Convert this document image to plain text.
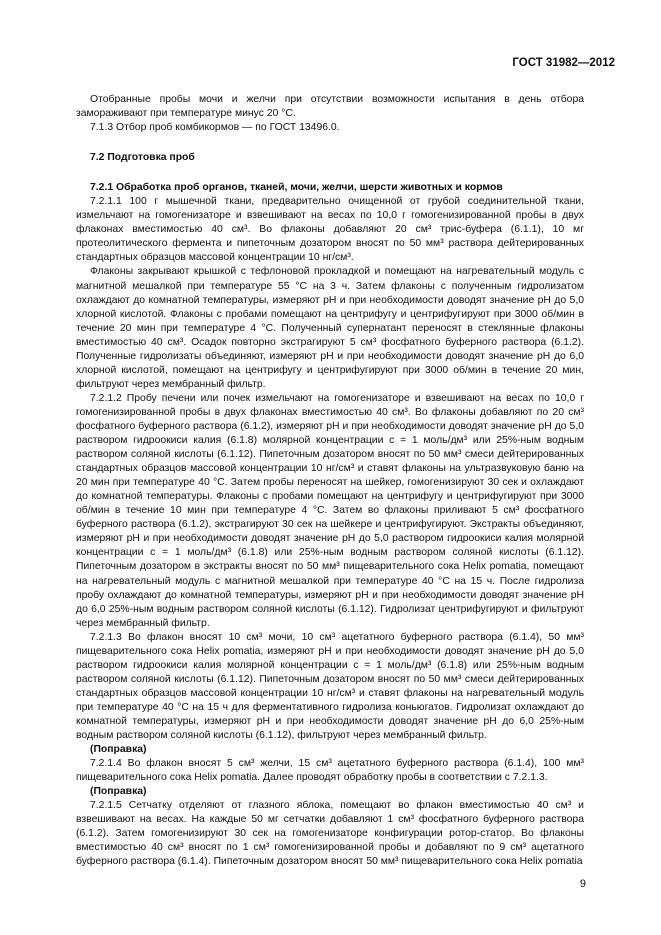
ГОСТ 31982—2012

Отобранные пробы мочи и желчи при отсутствии возможности испытания в день отбора замораживают при температуре минус 20 °С.

7.1.3 Отбор проб комбикормов — по ГОСТ 13496.0.

7.2 Подготовка проб

7.2.1 Обработка проб органов, тканей, мочи, желчи, шерсти животных и кормов

7.2.1.1 100 г мышечной ткани, предварительно очищенной от грубой соединительной ткани, измельчают на гомогенизаторе и взвешивают на весах по 10,0 г гомогенизированной пробы в двух флаконах вместимостью 40 см³. Во флаконы добавляют 20 см³ трис-буфера (6.1.1), 10 мг протеолитического фермента и пипеточным дозатором вносят по 50 мм³ раствора дейтерированных стандартных образцов массовой концентрации 10 нг/см³.

Флаконы закрывают крышкой с тефлоновой прокладкой и помещают на нагревательный модуль с магнитной мешалкой при температуре 55 °С на 3 ч. Затем флаконы с полученным гидролизатом охлаждают до комнатной температуры, измеряют pH и при необходимости доводят значение pH до 5,0 хлорной кислотой. Флаконы с пробами помещают на центрифугу и центрифугируют при 3000 об/мин в течение 20 мин при температуре 4 °С. Полученный супернатант переносят в стеклянные флаконы вместимостью 40 см³. Осадок повторно экстрагируют 5 см³ фосфатного буферного раствора (6.1.2). Полученные гидролизаты объединяют, измеряют pH и при необходимости доводят значение pH до 6,0 хлорной кислотой, помещают на центрифугу и центрифугируют при 3000 об/мин в течение 20 мин, фильтруют через мембранный фильтр.

7.2.1.2 Пробу печени или почек измельчают на гомогенизаторе и взвешивают на весах по 10,0 г гомогенизированной пробы в двух флаконах вместимостью 40 см³. Во флаконы добавляют по 20 см³ фосфатного буферного раствора (6.1.2), измеряют pH и при необходимости доводят значение pH до 5,0 раствором гидроокиси калия (6.1.8) молярной концентрации c = 1 моль/дм³ или 25%-ным водным раствором соляной кислоты (6.1.12). Пипеточным дозатором вносят по 50 мм³ смеси дейтерированных стандартных образцов массовой концентрации 10 нг/см³ и ставят флаконы на ультразвуковую баню на 20 мин при температуре 40 °С. Затем пробы переносят на шейкер, гомогенизируют 30 сек и охлаждают до комнатной температуры. Флаконы с пробами помещают на центрифугу и центрифугируют при 3000 об/мин в течение 10 мин при температуре 4 °С. Затем во флаконы приливают 5 см³ фосфатного буферного раствора (6.1.2), экстрагируют 30 сек на шейкере и центрифугируют. Экстракты объединяют, измеряют pH и при необходимости доводят значение pH до 5,0 раствором гидроокиси калия молярной концентрации c = 1 моль/дм³ (6.1.8) или 25%-ным водным раствором соляной кислоты (6.1.12). Пипеточным дозатором в экстракты вносят по 50 мм³ пищеварительного сока Helix pomatia, помещают на нагревательный модуль с магнитной мешалкой при температуре 40 °С на 15 ч. После гидролиза пробу охлаждают до комнатной температуры, измеряют pH и при необходимости доводят значение pH до 6,0 25%-ным водным раствором соляной кислоты (6.1.12). Гидролизат центрифугируют и фильтруют через мембранный фильтр.

7.2.1.3 Во флакон вносят 10 см³ мочи, 10 см³ ацетатного буферного раствора (6.1.4), 50 мм³ пищеварительного сока Helix pomatia, измеряют pH и при необходимости доводят значение pH до 5,0 раствором гидроокиси калия молярной концентрации c = 1 моль/дм³ (6.1.8) или 25%-ным водным раствором соляной кислоты (6.1.12). Пипеточным дозатором вносят по 50 мм³ смеси дейтерированных стандартных образцов массовой концентрации 10 нг/см³ и ставят флаконы на нагревательный модуль при температуре 40 °С на 15 ч для ферментативного гидролиза коньюгатов. Гидролизат охлаждают до комнатной температуры, измеряют pH и при необходимости доводят значение pH до 6,0 25%-ным водным раствором соляной кислоты (6.1.12), фильтруют через мембранный фильтр.

(Поправка)

7.2.1.4 Во флакон вносят 5 см³ желчи, 15 см³ ацетатного буферного раствора (6.1.4), 100 мм³ пищеварительного сока Helix pomatia. Далее проводят обработку пробы в соответствии с 7.2.1.3.

(Поправка)

7.2.1.5 Сетчатку отделяют от глазного яблока, помещают во флакон вместимостью 40 см³ и взвешивают на весах. На каждые 50 мг сетчатки добавляют 1 см³ фосфатного буферного раствора (6.1.2). Затем гомогенизируют 30 сек на гомогенизаторе конфигурации ротор-статор. Во флаконы вместимостью 40 см³ вносят по 1 см³ гомогенизированной пробы и добавляют по 9 см³ ацетатного буферного раствора (6.1.4). Пипеточным дозатором вносят 50 мм³ пищеварительного сока Helix pomatia

9
